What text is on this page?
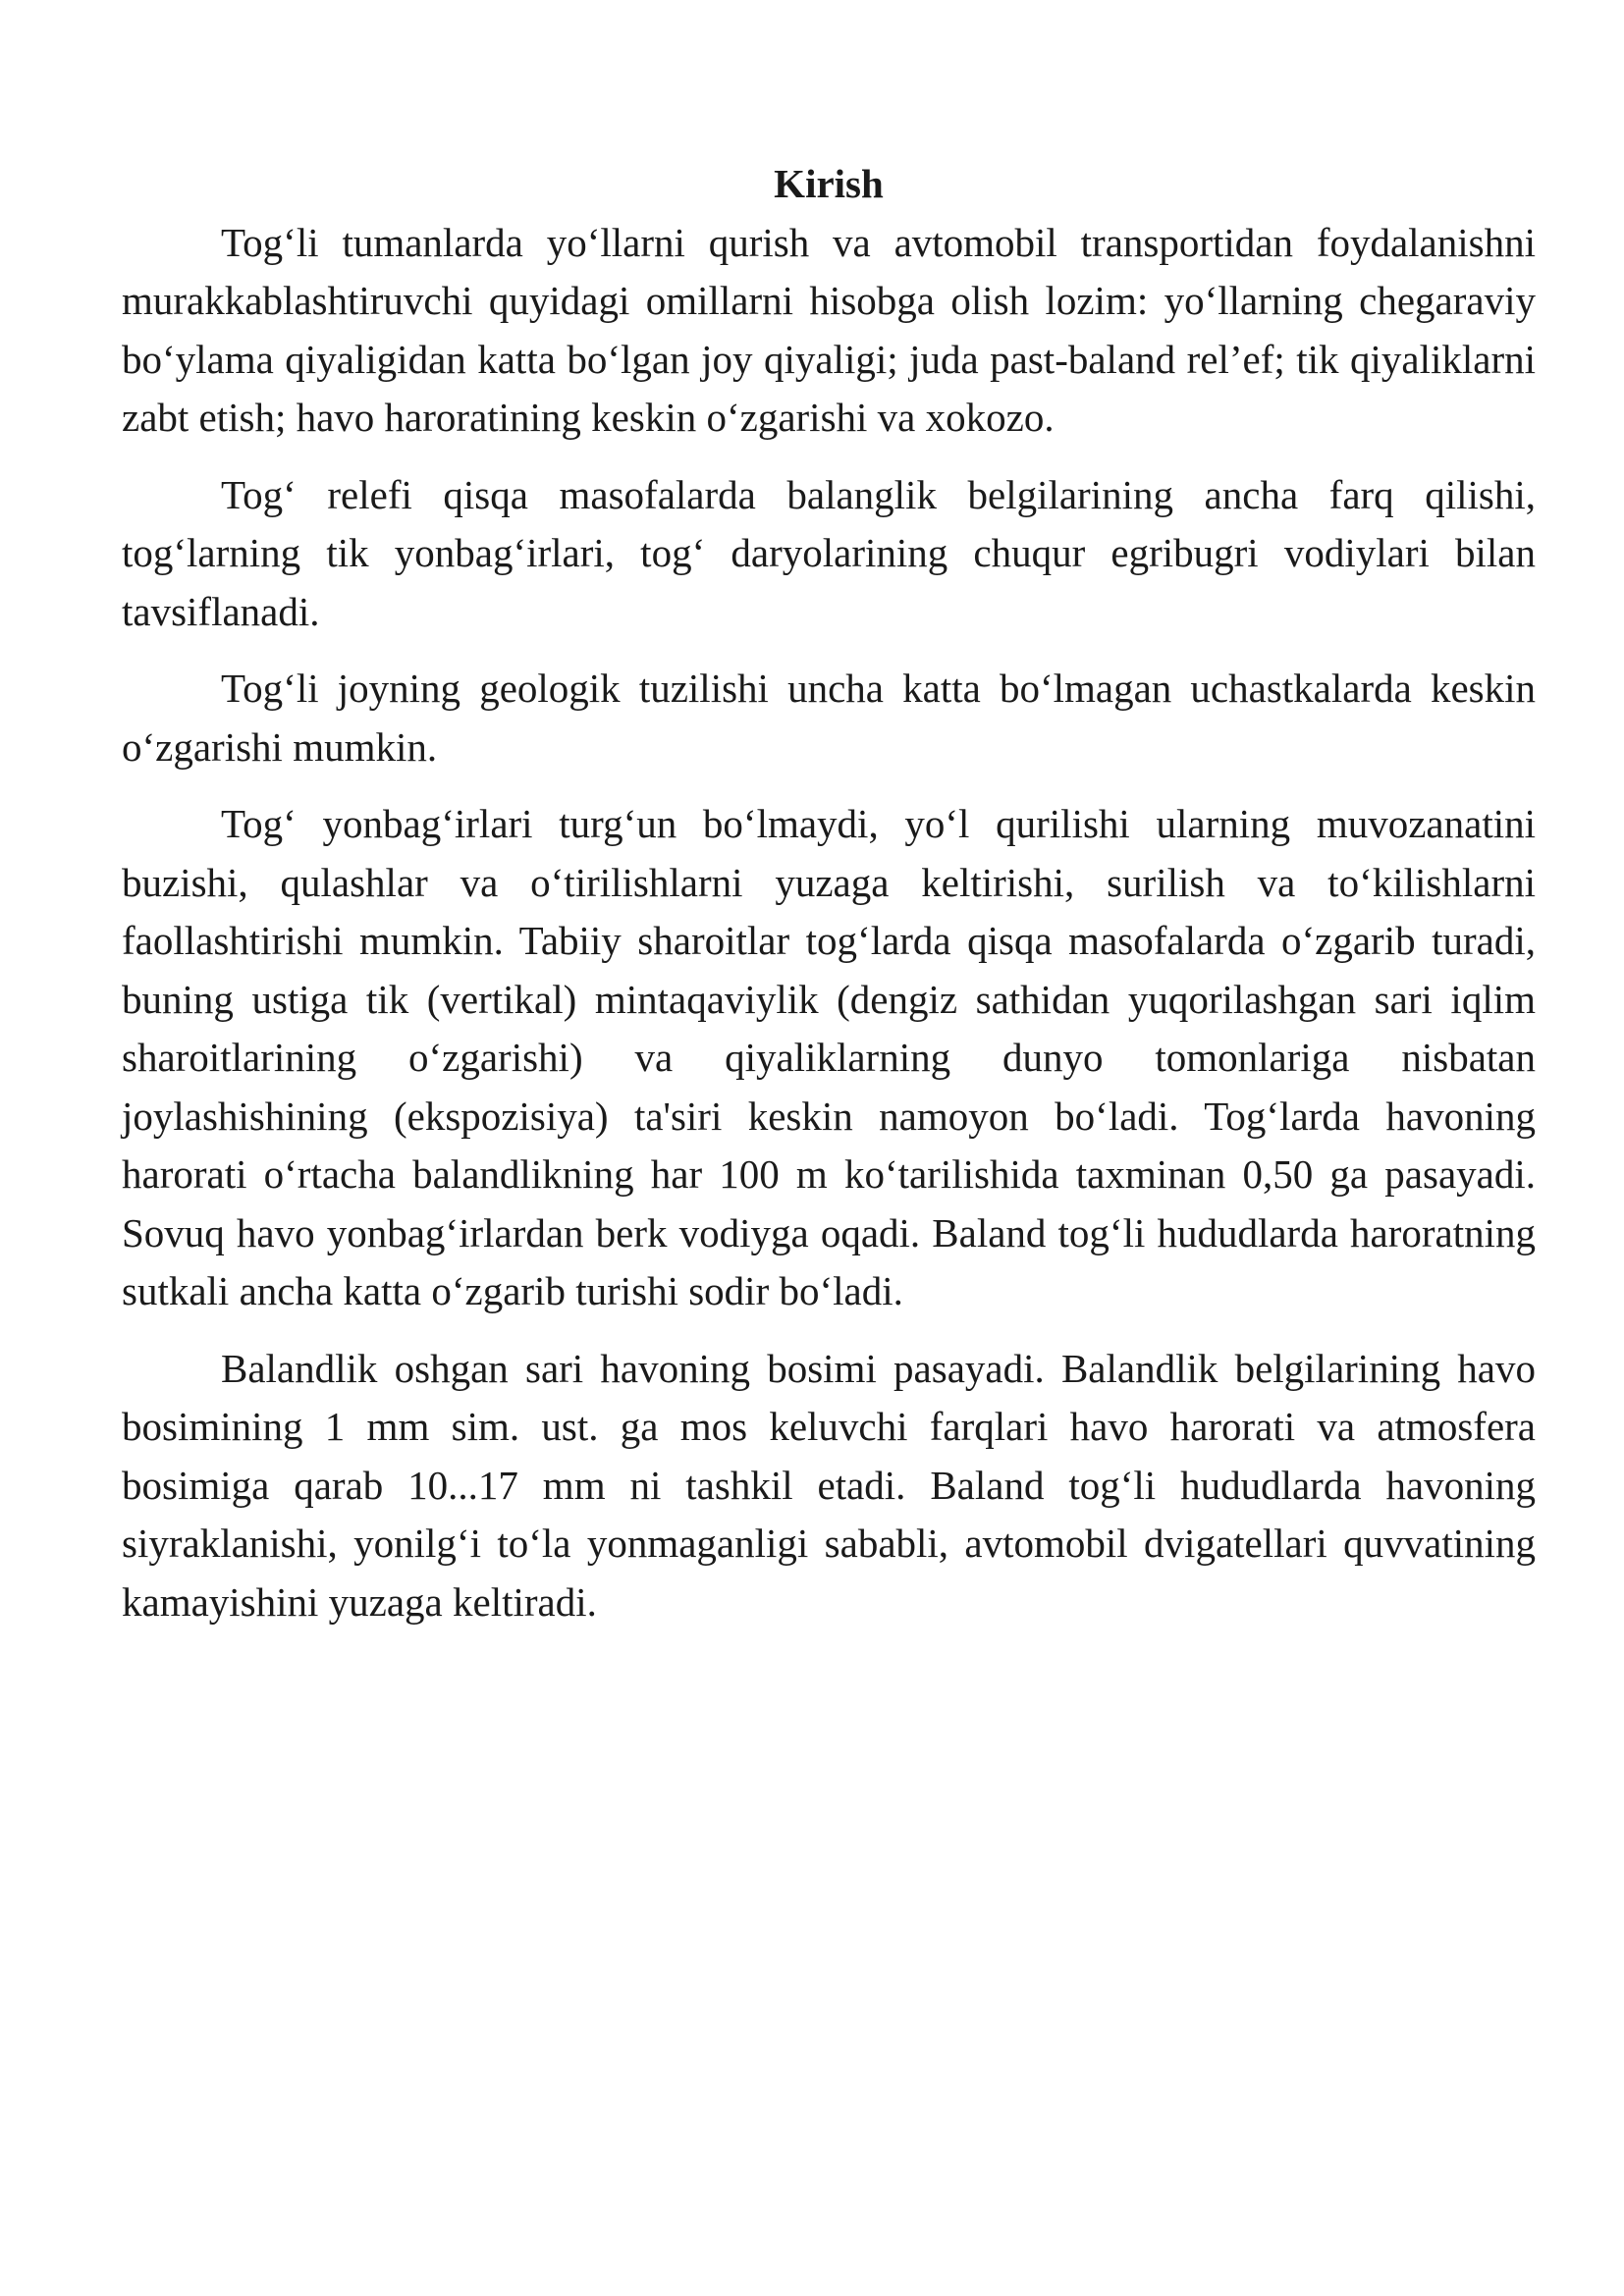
Kirish

Tog‘li tumanlarda yo‘llarni qurish va avtomobil transportidan foydalanishni murakkablashtiruvchi quyidagi omillarni hisobga olish lozim: yo‘llarning chegaraviy bo‘ylama qiyaligidan katta bo‘lgan joy qiyaligi; juda past-baland rel’ef; tik qiyaliklarni zabt etish; havo haroratining keskin o‘zgarishi va xokozo.

Tog‘ relefi qisqa masofalarda balanglik belgilarining ancha farq qilishi, tog‘larning tik yonbag‘irlari, tog‘ daryolarining chuqur egribugri vodiylari bilan tavsiflanadi.

Tog‘li joyning geologik tuzilishi uncha katta bo‘lmagan uchastkalarda keskin o‘zgarishi mumkin.

Tog‘ yonbag‘irlari turg‘un bo‘lmaydi, yo‘l qurilishi ularning muvozanatini buzishi, qulashlar va o‘tirilishlarni yuzaga keltirishi, surilish va to‘kilishlarni faollashtirishi mumkin. Tabiiy sharoitlar tog‘larda qisqa masofalarda o‘zgarib turadi, buning ustiga tik (vertikal) mintaqaviylik (dengiz sathidan yuqorilashgan sari iqlim sharoitlarining o‘zgarishi) va qiyaliklarning dunyo tomonlariga nisbatan joylashishining (ekspozisiya) ta'siri keskin namoyon bo‘ladi. Tog‘larda havoning harorati o‘rtacha balandlikning har 100 m ko‘tarilishida taxminan 0,50 ga pasayadi. Sovuq havo yonbag‘irlardan berk vodiyga oqadi. Baland tog‘li hududlarda haroratning sutkali ancha katta o‘zgarib turishi sodir bo‘ladi.

Balandlik oshgan sari havoning bosimi pasayadi. Balandlik belgilarining havo bosimining 1 mm sim. ust. ga mos keluvchi farqlari havo harorati va atmosfera bosimiga qarab 10...17 mm ni tashkil etadi. Baland tog‘li hududlarda havoning siyraklanishi, yonilg‘i to‘la yonmaganligi sababli, avtomobil dvigatellari quvvatining kamayishini yuzaga keltiradi.
